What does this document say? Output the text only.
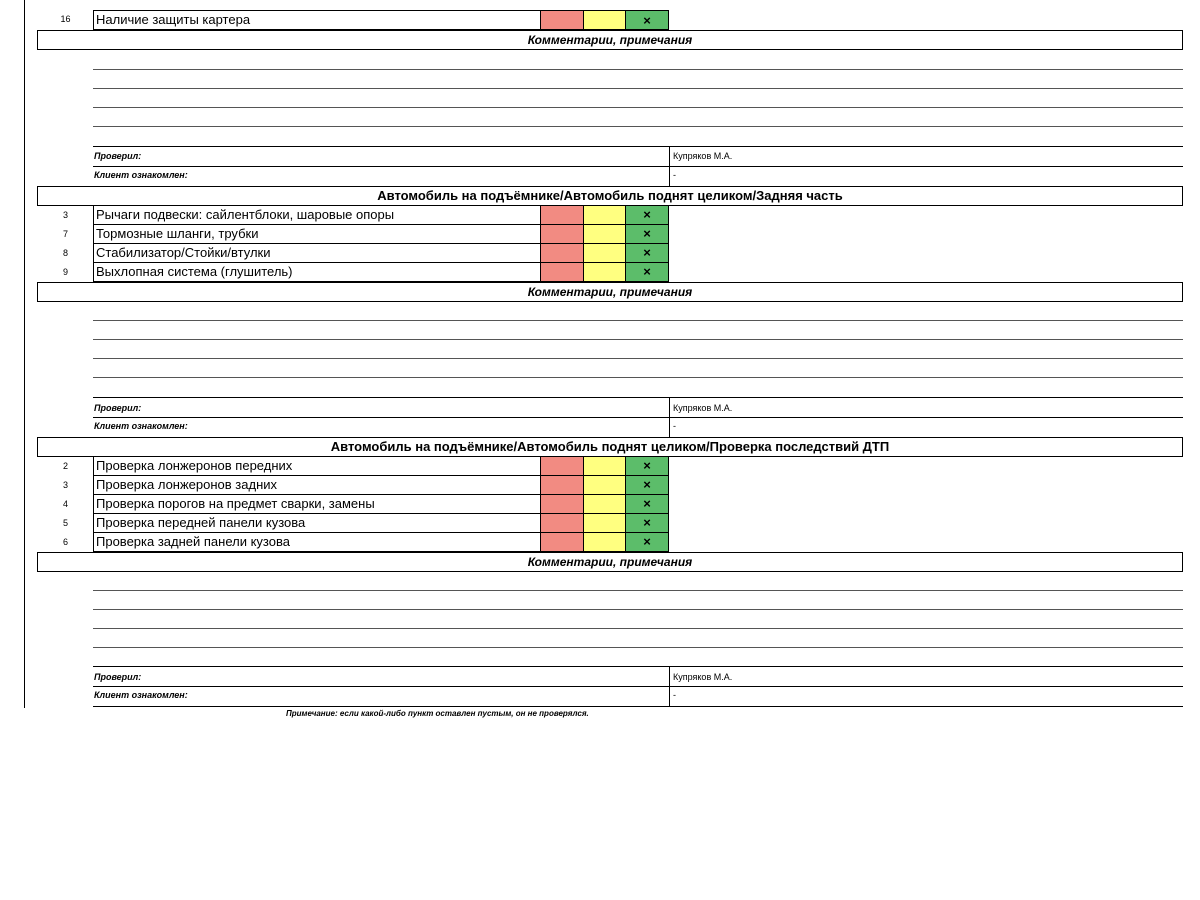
16	Наличие защиты картера	×
Комментарии, примечания
Проверил:	Купряков М.А.
Клиент ознакомлен:	-
Автомобиль на подъёмнике/Автомобиль поднят целиком/Задняя часть
3	Рычаги подвески: сайлентблоки, шаровые опоры	×
7	Тормозные шланги, трубки	×
8	Стабилизатор/Стойки/втулки	×
9	Выхлопная система (глушитель)	×
Комментарии, примечания
Проверил:	Купряков М.А.
Клиент ознакомлен:	-
Автомобиль на подъёмнике/Автомобиль поднят целиком/Проверка последствий ДТП
2	Проверка лонжеронов передних	×
3	Проверка лонжеронов задних	×
4	Проверка порогов на предмет сварки, замены	×
5	Проверка передней панели кузова	×
6	Проверка задней панели кузова	×
Комментарии, примечания
Проверил:	Купряков М.А.
Клиент ознакомлен:	-
Примечание: если какой-либо пункт оставлен пустым, он не проверялся.
